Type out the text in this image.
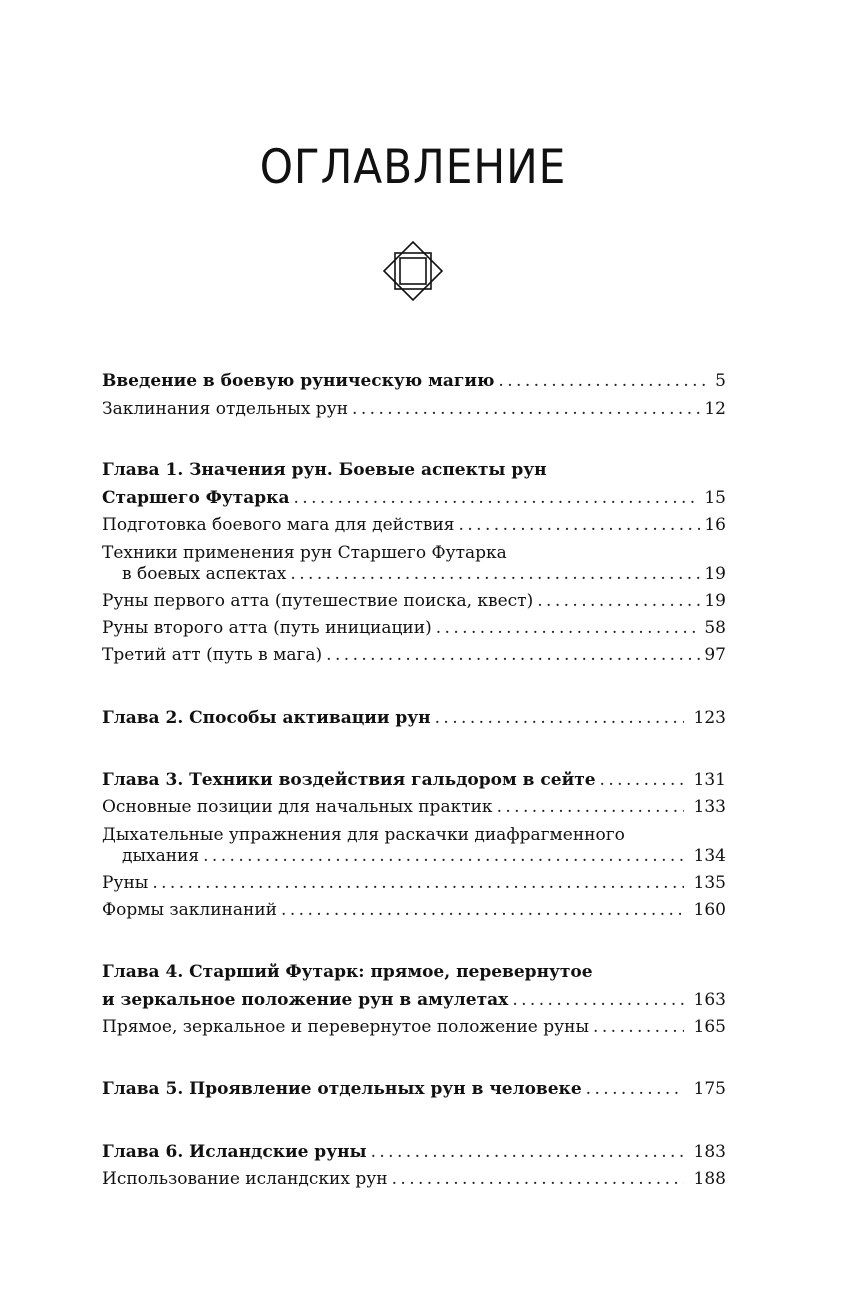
ОГЛАВЛЕНИЕ
Введение в боевую руническую магию . . .	5
Заклинания отдельных рун . . .	12
Глава 1. Значения рун. Боевые аспекты рун
Старшего Футарка . . .	15
Подготовка боевого мага для действия . . .	16
Техники применения рун Старшего Футарка
в боевых аспектах . . .	19
Руны первого атта (путешествие поиска, квест) . . .	19
Руны второго атта (путь инициации) . . .	58
Третий атт (путь в мага) . . .	97
Глава 2. Способы активации рун . . .	123
Глава 3. Техники воздействия гальдором в сейте . . .	131
Основные позиции для начальных практик . . .	133
Дыхательные упражнения для раскачки диафрагменного
дыхания . . .	134
Руны . . .	135
Формы заклинаний . . .	160
Глава 4. Старший Футарк: прямое, перевернутое
и зеркальное положение рун в амулетах . . .	163
Прямое, зеркальное и перевернутое положение руны . . .	165
Глава 5. Проявление отдельных рун в человеке . . .	175
Глава 6. Исландские руны . . .	183
Использование исландских рун . . .	188
